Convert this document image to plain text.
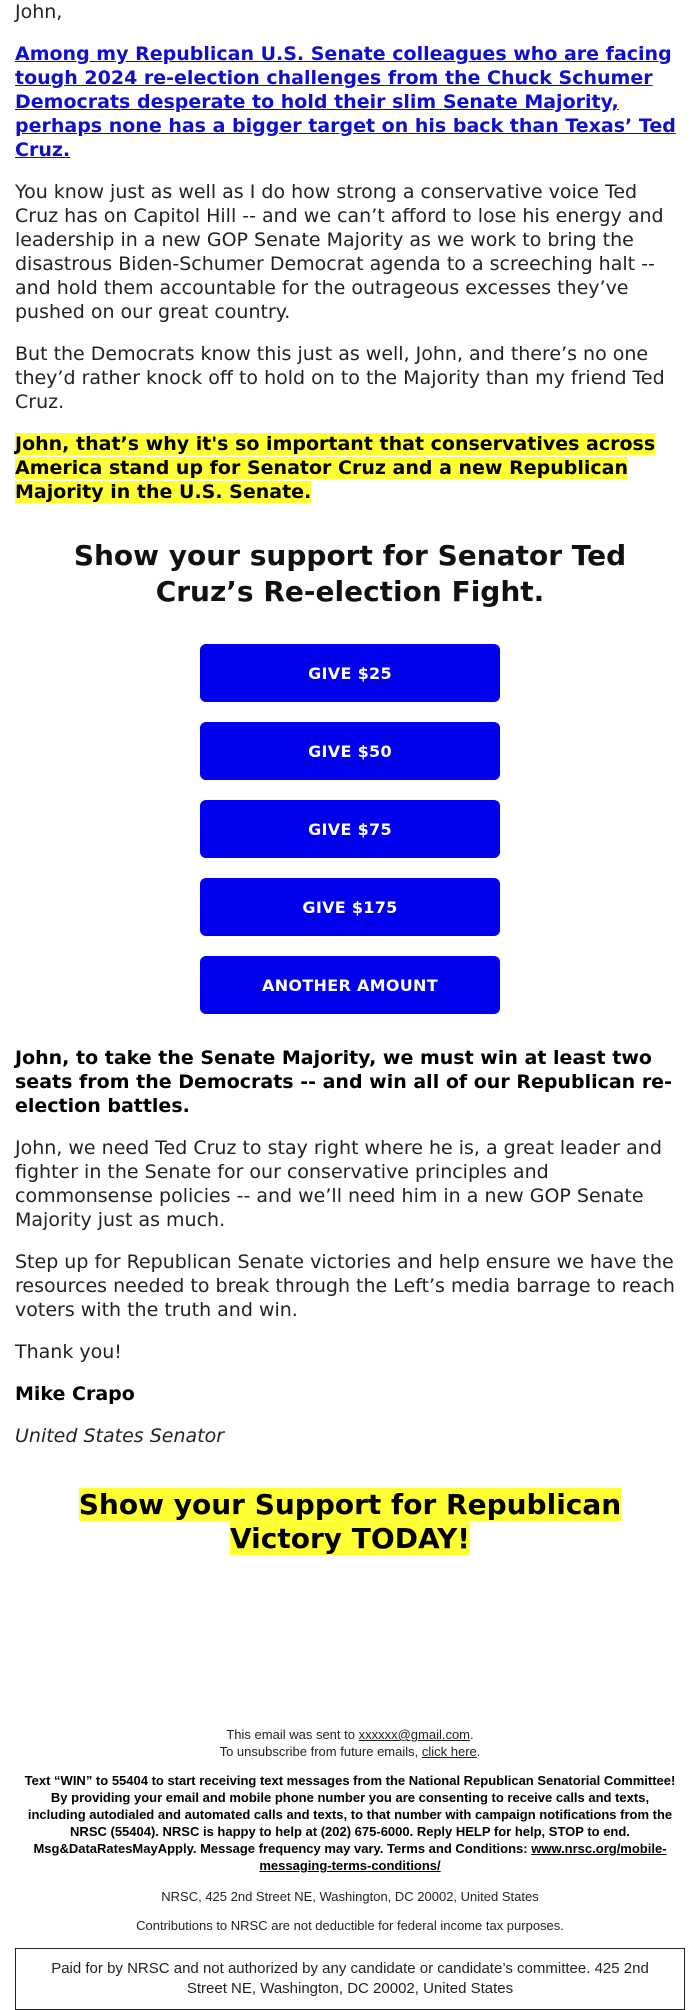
John,

Among my Republican U.S. Senate colleagues who are facing tough 2024 re-election challenges from the Chuck Schumer Democrats desperate to hold their slim Senate Majority, perhaps none has a bigger target on his back than Texas’ Ted Cruz.

You know just as well as I do how strong a conservative voice Ted Cruz has on Capitol Hill -- and we can’t afford to lose his energy and leadership in a new GOP Senate Majority as we work to bring the disastrous Biden-Schumer Democrat agenda to a screeching halt -- and hold them accountable for the outrageous excesses they’ve pushed on our great country.

But the Democrats know this just as well, John, and there’s no one they’d rather knock off to hold on to the Majority than my friend Ted Cruz.

John, that’s why it's so important that conservatives across America stand up for Senator Cruz and a new Republican Majority in the U.S. Senate.

Show your support for Senator Ted Cruz’s Re-election Fight.
GIVE $25
GIVE $50
GIVE $75
GIVE $175
ANOTHER AMOUNT

John, to take the Senate Majority, we must win at least two seats from the Democrats -- and win all of our Republican re-election battles.

John, we need Ted Cruz to stay right where he is, a great leader and fighter in the Senate for our conservative principles and commonsense policies -- and we’ll need him in a new GOP Senate Majority just as much.

Step up for Republican Senate victories and help ensure we have the resources needed to break through the Left’s media barrage to reach voters with the truth and win.

Thank you!

Mike Crapo

United States Senator

Show your Support for Republican Victory TODAY!

This email was sent to xxxxxx@gmail.com.
To unsubscribe from future emails, click here.

Text “WIN” to 55404 to start receiving text messages from the National Republican Senatorial Committee! By providing your email and mobile phone number you are consenting to receive calls and texts, including autodialed and automated calls and texts, to that number with campaign notifications from the NRSC (55404). NRSC is happy to help at (202) 675-6000. Reply HELP for help, STOP to end. Msg&DataRatesMayApply. Message frequency may vary. Terms and Conditions: www.nrsc.org/mobile-messaging-terms-conditions/

NRSC, 425 2nd Street NE, Washington, DC 20002, United States

Contributions to NRSC are not deductible for federal income tax purposes.

Paid for by NRSC and not authorized by any candidate or candidate’s committee. 425 2nd Street NE, Washington, DC 20002, United States
